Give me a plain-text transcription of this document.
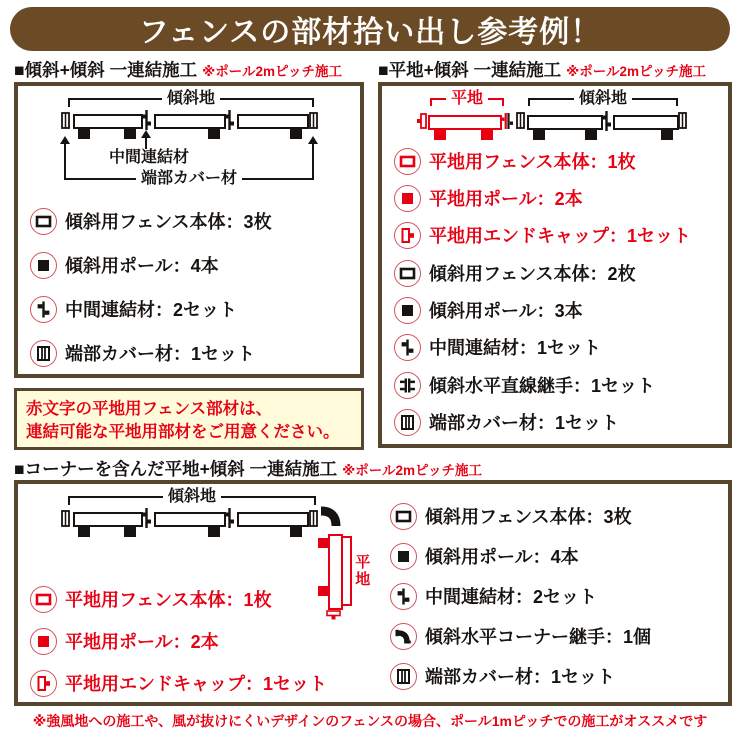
フェンスの部材拾い出し参考例！
■傾斜+傾斜 一連結施工 ※ポール2mピッチ施工 ■平地+傾斜 一連結施工 ※ポール2mピッチ施工
傾斜地
中間連結材
端部カバー材
傾斜用フェンス本体：3枚
傾斜用ポール：4本
中間連結材：2セット
端部カバー材：1セット
赤文字の平地用フェンス部材は、
連結可能な平地用部材をご用意ください。
平地	傾斜地
平地用フェンス本体：1枚
平地用ポール：2本
平地用エンドキャップ：1セット
傾斜用フェンス本体：2枚
傾斜用ポール：3本
中間連結材：1セット
傾斜水平直線継手：1セット
端部カバー材：1セット
■コーナーを含んだ平地+傾斜 一連結施工 ※ポール2mピッチ施工
傾斜地
平地
平地用フェンス本体：1枚
平地用ポール：2本
平地用エンドキャップ：1セット
傾斜用フェンス本体：3枚
傾斜用ポール：4本
中間連結材：2セット
傾斜水平コーナー継手：1個
端部カバー材：1セット
※強風地への施工や、風が抜けにくいデザインのフェンスの場合、ポール1mピッチでの施工がオススメです
